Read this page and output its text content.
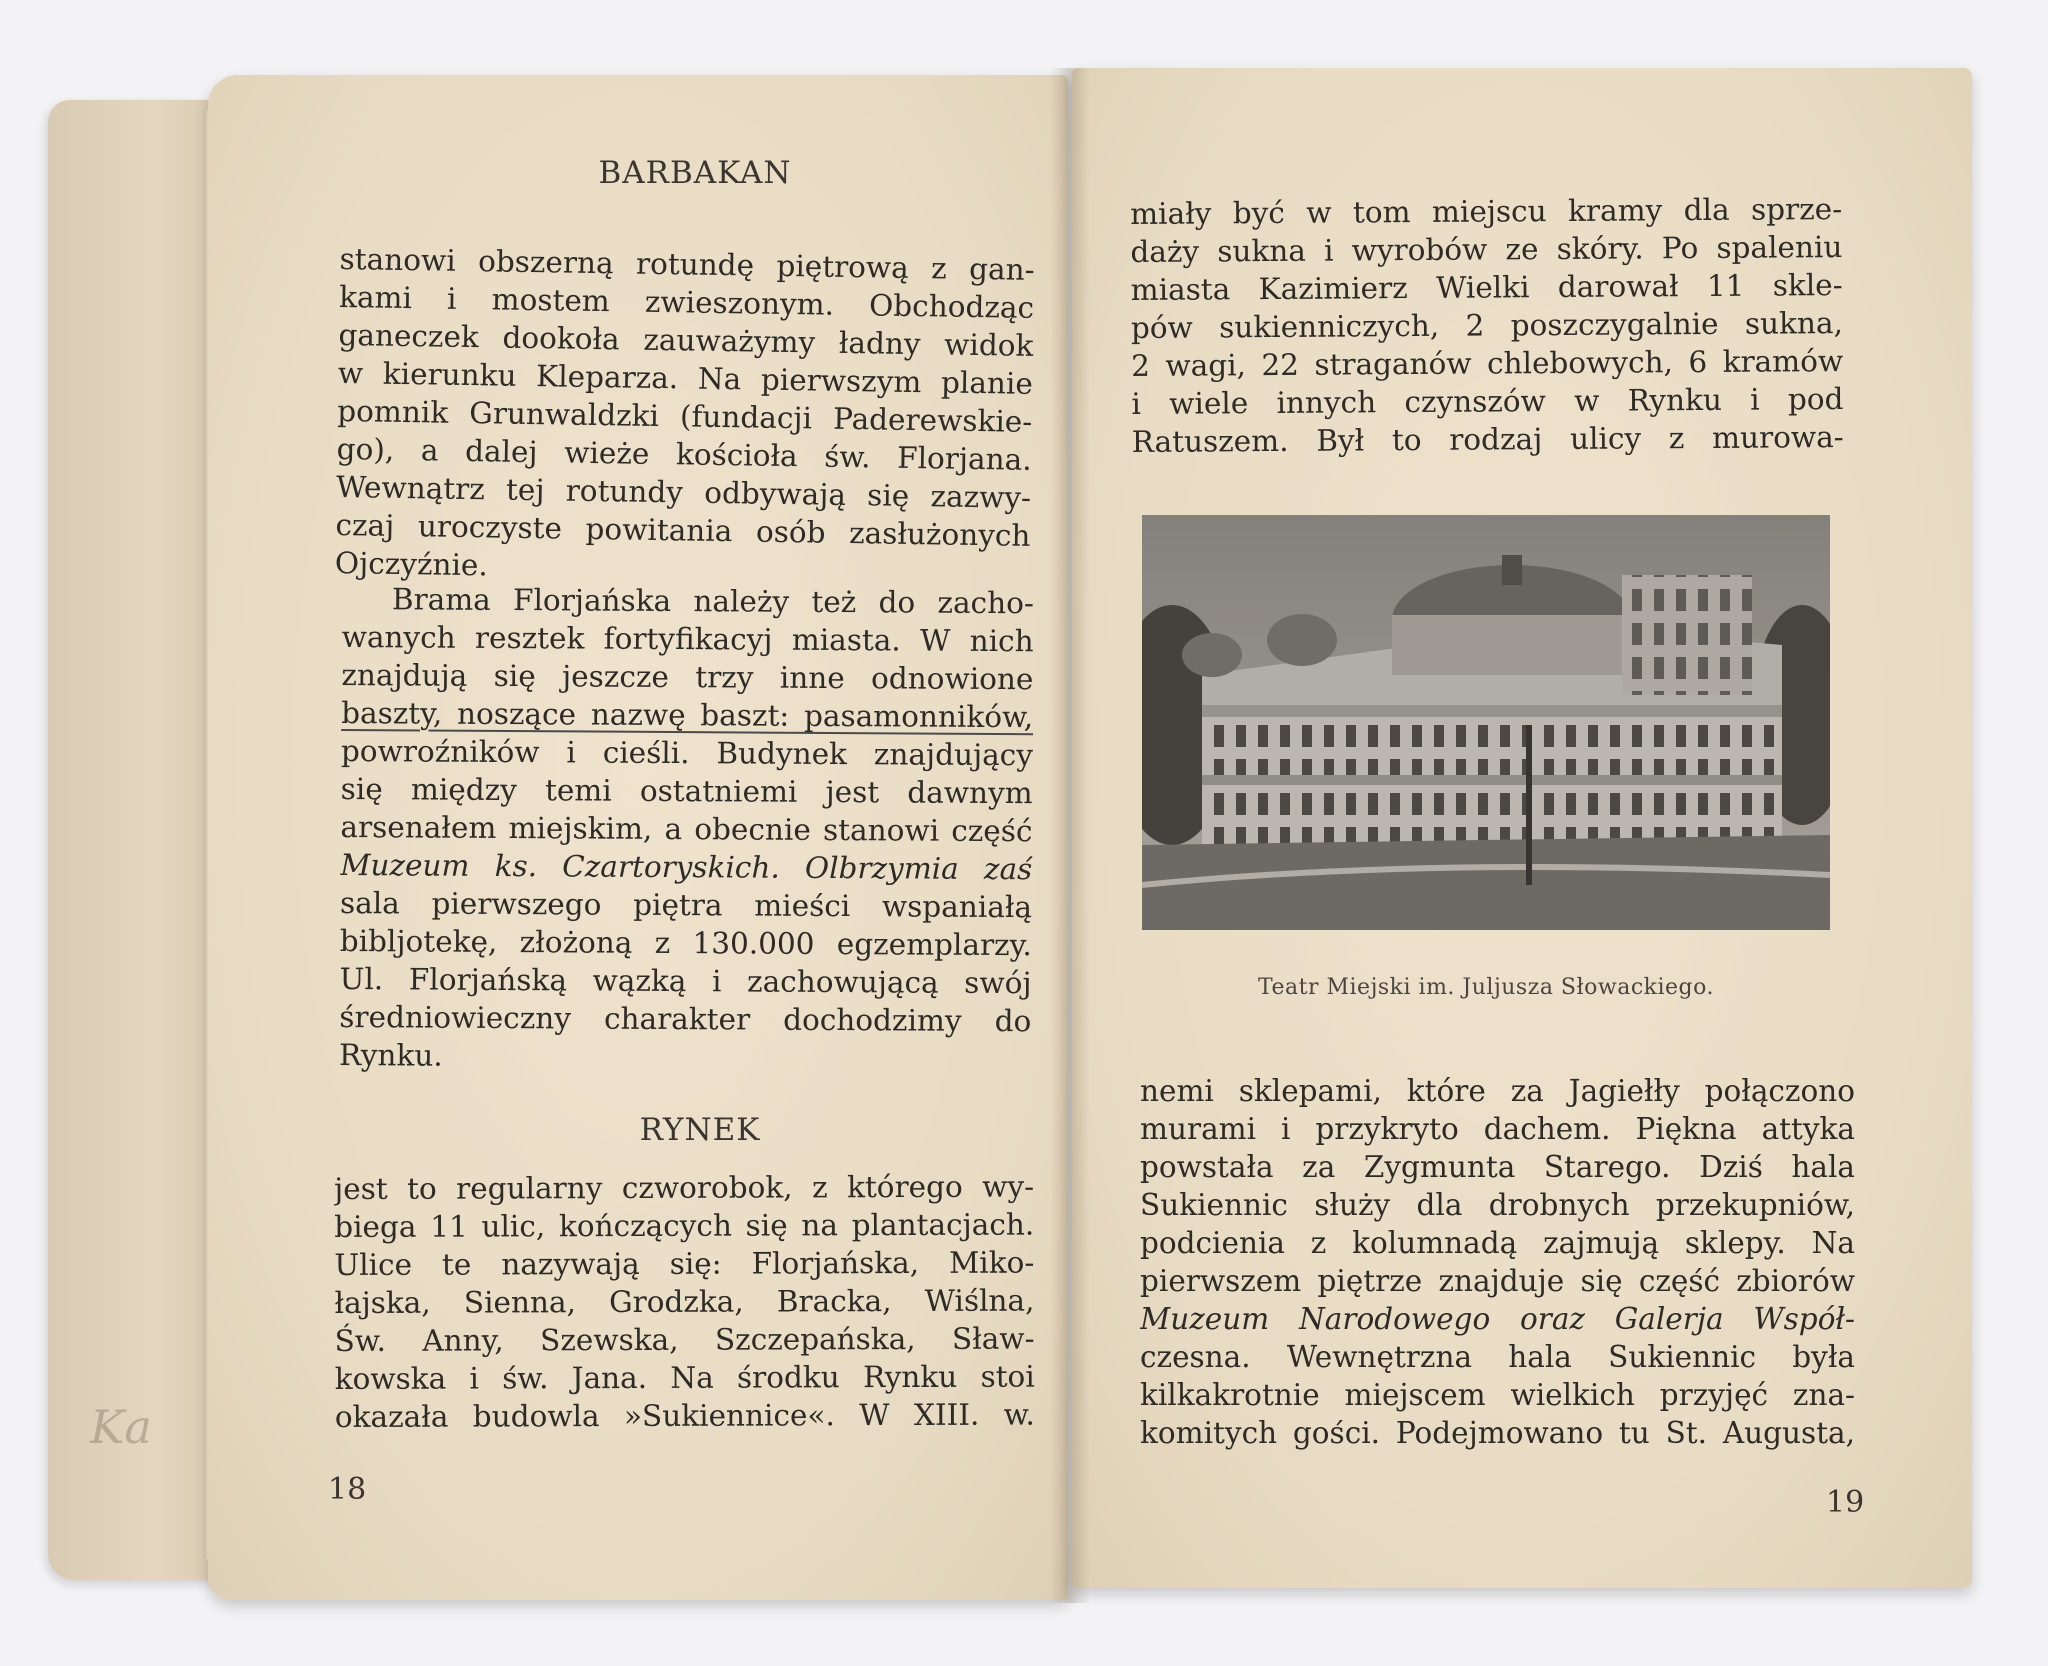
Ka
BARBAKAN
stanowi obszerną rotundę piętrową z gan-
kami i mostem zwieszonym. Obchodząc
ganeczek dookoła zauważymy ładny widok
w kierunku Kleparza. Na pierwszym planie
pomnik Grunwaldzki (fundacji Paderewskie-
go), a dalej wieże kościoła św. Florjana.
Wewnątrz tej rotundy odbywają się zazwy-
czaj uroczyste powitania osób zasłużonych
Ojczyźnie.
Brama Florjańska należy też do zacho-
wanych resztek fortyfikacyj miasta. W nich
znajdują się jeszcze trzy inne odnowione
baszty, noszące nazwę baszt: pasamonników,
powroźników i cieśli. Budynek znajdujący
się między temi ostatniemi jest dawnym
arsenałem miejskim, a obecnie stanowi część
Muzeum ks. Czartoryskich. Olbrzymia zaś
sala pierwszego piętra mieści wspaniałą
bibljotekę, złożoną z 130.000 egzemplarzy.
Ul. Florjańską wązką i zachowującą swój
średniowieczny charakter dochodzimy do
Rynku.
RYNEK
jest to regularny czworobok, z którego wy-
biega 11 ulic, kończących się na plantacjach.
Ulice te nazywają się: Florjańska, Miko-
łajska, Sienna, Grodzka, Bracka, Wiślna,
Św. Anny, Szewska, Szczepańska, Sław-
kowska i św. Jana. Na środku Rynku stoi
okazała budowla »Sukiennice«. W XIII. w.
18
miały być w tom miejscu kramy dla sprze-
daży sukna i wyrobów ze skóry. Po spaleniu
miasta Kazimierz Wielki darował 11 skle-
pów sukienniczych, 2 poszczygalnie sukna,
2 wagi, 22 straganów chlebowych, 6 kramów
i wiele innych czynszów w Rynku i pod
Ratuszem. Był to rodzaj ulicy z murowa-
Teatr Miejski im. Juljusza Słowackiego.
nemi sklepami, które za Jagiełły połączono
murami i przykryto dachem. Piękna attyka
powstała za Zygmunta Starego. Dziś hala
Sukiennic służy dla drobnych przekupniów,
podcienia z kolumnadą zajmują sklepy. Na
pierwszem piętrze znajduje się część zbiorów
Muzeum Narodowego oraz Galerja Współ-
czesna. Wewnętrzna hala Sukiennic była
kilkakrotnie miejscem wielkich przyjęć zna-
komitych gości. Podejmowano tu St. Augusta,
19
